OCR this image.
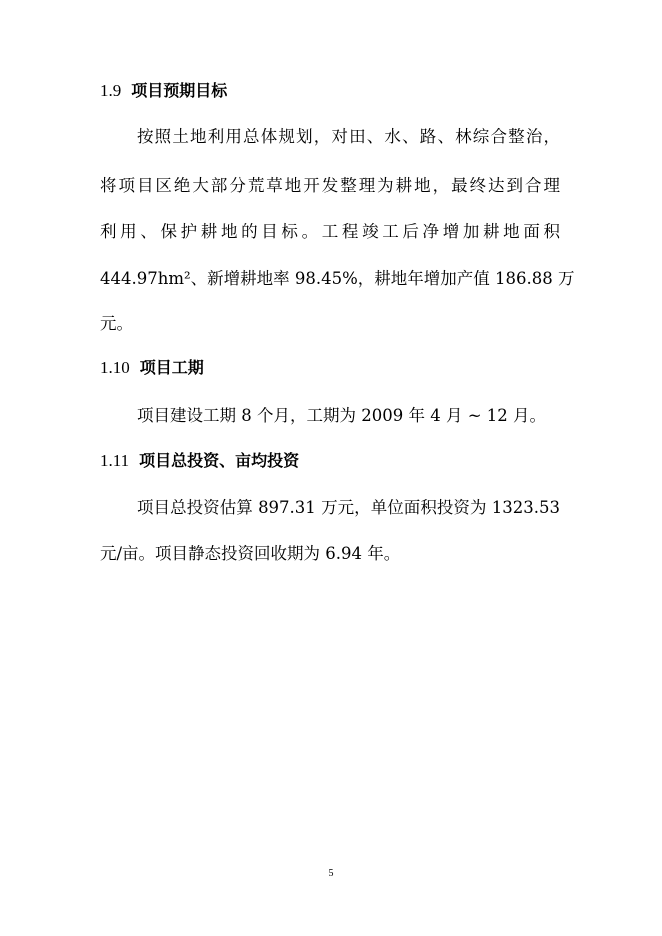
1.9 项目预期目标
按照土地利用总体规划，对田、水、路、林综合整治，
将项目区绝大部分荒草地开发整理为耕地，最终达到合理
利用、保护耕地的目标。工程竣工后净增加耕地面积
444.97hm²、新增耕地率 98.45%，耕地年增加产值 186.88 万
元。
1.10 项目工期
项目建设工期 8 个月，工期为 2009 年 4 月 ~ 12 月。
1.11 项目总投资、亩均投资
项目总投资估算 897.31 万元，单位面积投资为 1323.53
元/亩。项目静态投资回收期为 6.94 年。
5
